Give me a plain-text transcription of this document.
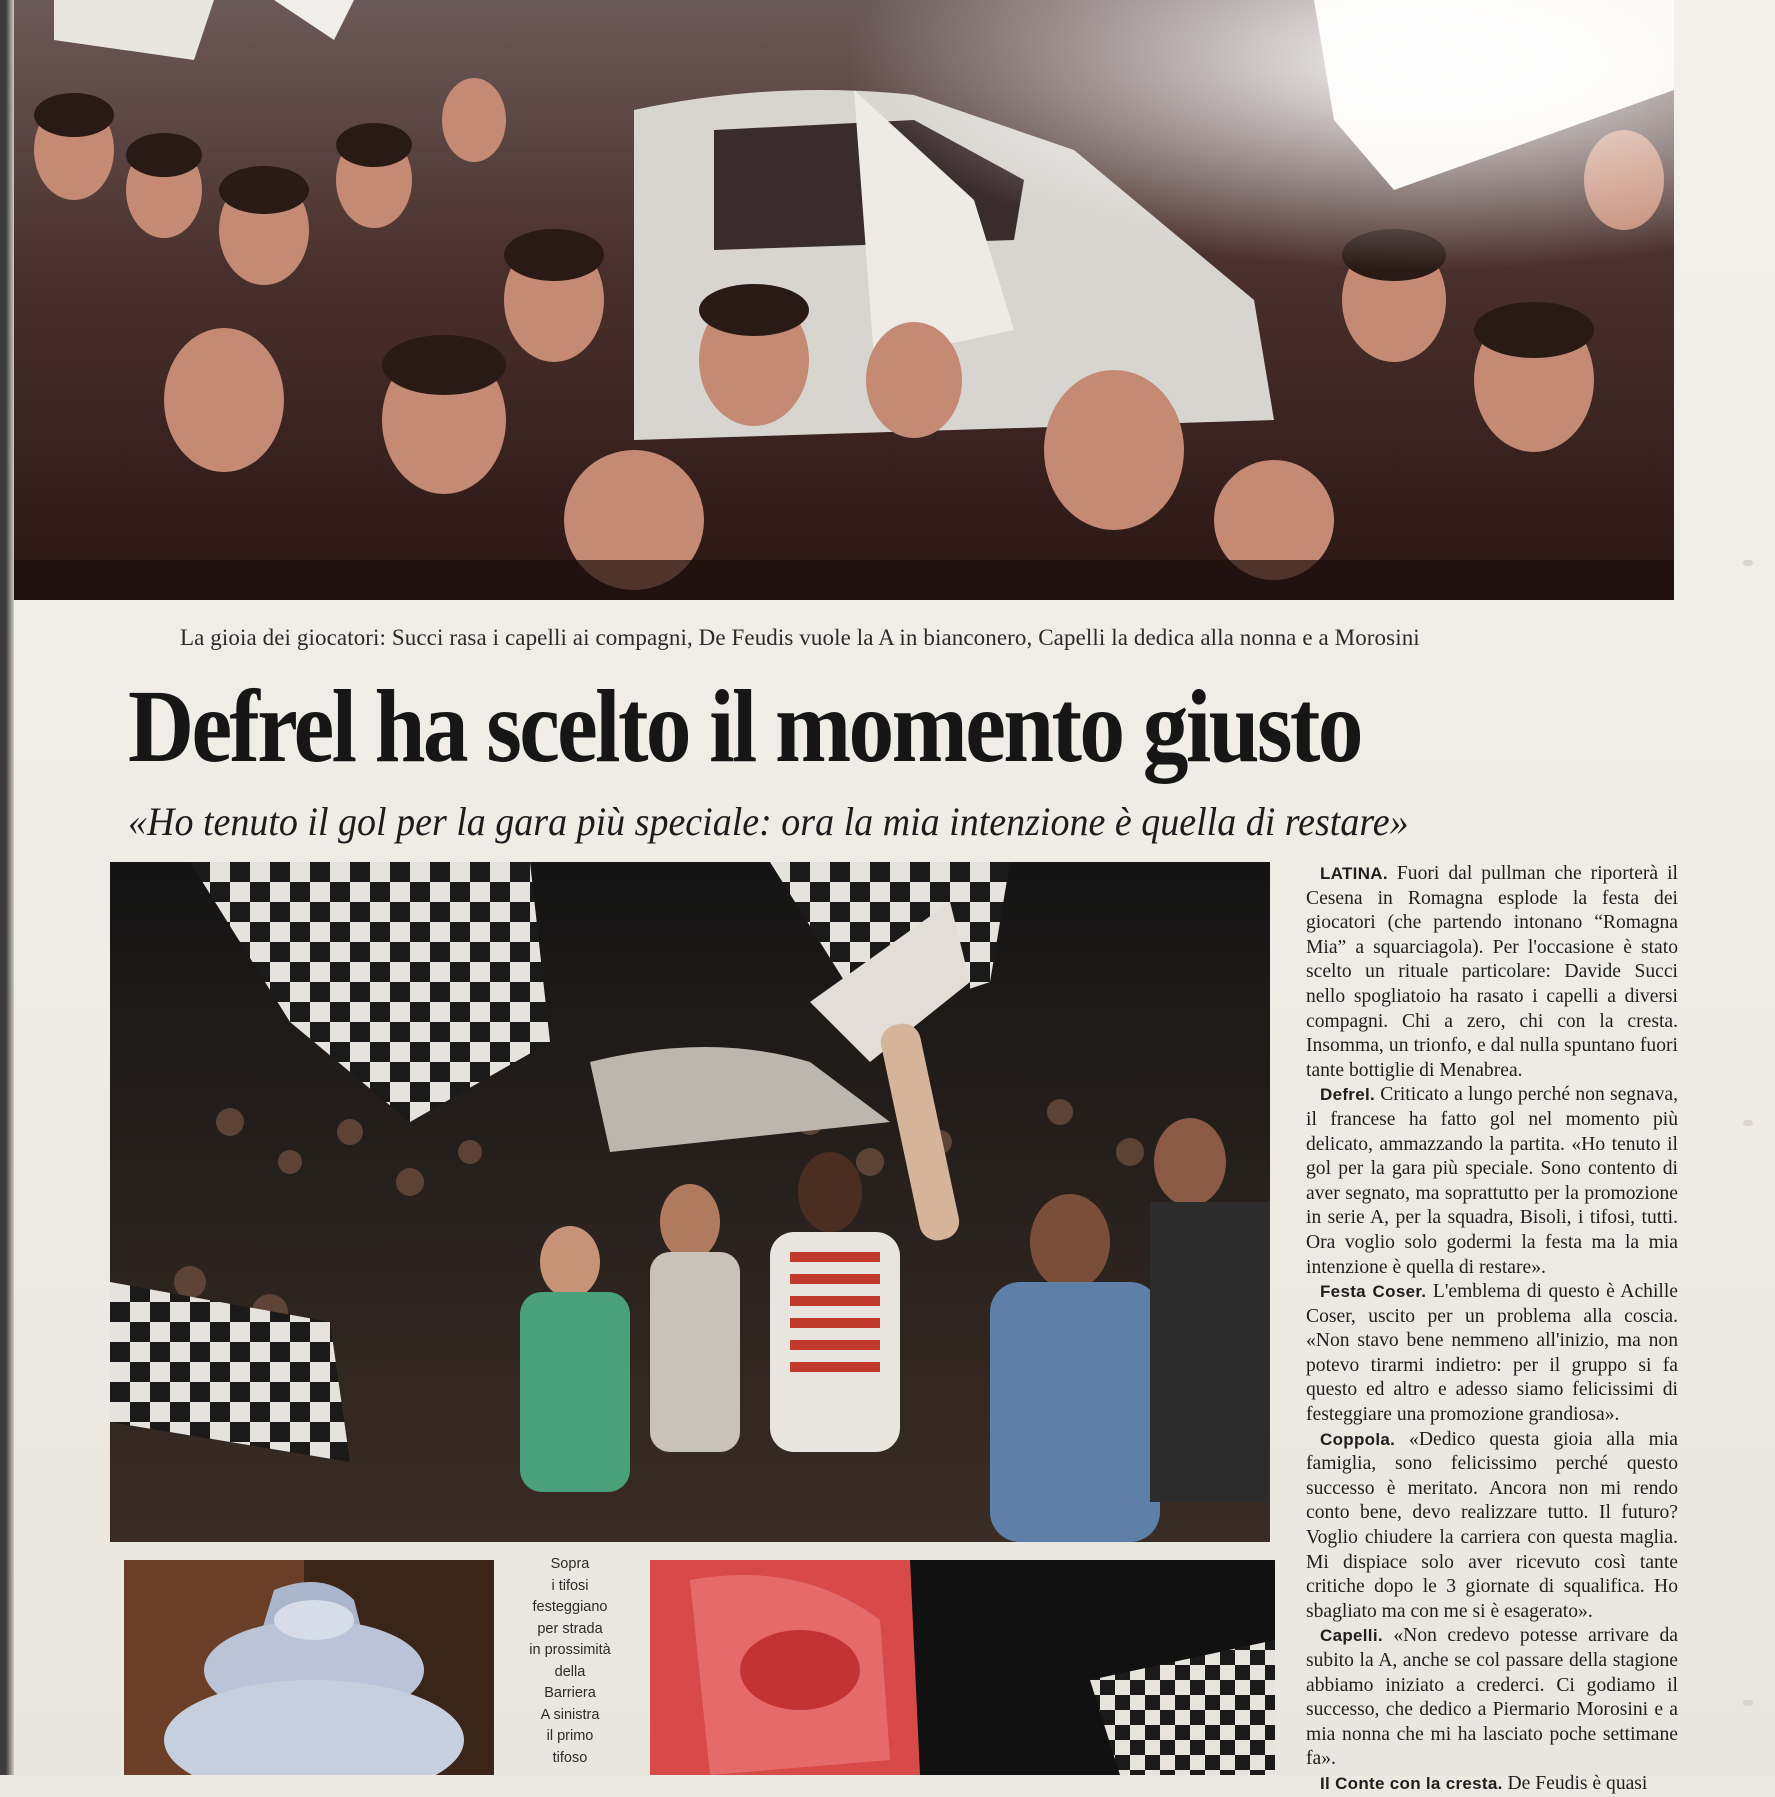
La gioia dei giocatori: Succi rasa i capelli ai compagni, De Feudis vuole la A in bianconero, Capelli la dedica alla nonna e a Morosini
Defrel ha scelto il momento giusto
«Ho tenuto il gol per la gara più speciale: ora la mia intenzione è quella di restare»
Sopra
i tifosi
festeggiano
per strada
in prossimità
della
Barriera
A sinistra
il primo
tifoso

LATINA. Fuori dal pullman che riporterà il Cesena in Romagna esplode la festa dei giocatori (che partendo intonano “Romagna Mia” a squarciagola). Per l'occasione è stato scelto un rituale particolare: Davide Succi nello spogliatoio ha rasato i capelli a diversi compagni. Chi a zero, chi con la cresta. Insomma, un trionfo, e dal nulla spuntano fuori tante bottiglie di Menabrea.

Defrel. Criticato a lungo perché non segnava, il francese ha fatto gol nel momento più delicato, ammazzando la partita. «Ho tenuto il gol per la gara più speciale. Sono contento di aver segnato, ma soprattutto per la promozione in serie A, per la squadra, Bisoli, i tifosi, tutti. Ora voglio solo godermi la festa ma la mia intenzione è quella di restare».

Festa Coser. L'emblema di questo è Achille Coser, uscito per un problema alla coscia. «Non stavo bene nemmeno all'inizio, ma non potevo tirarmi indietro: per il gruppo si fa questo ed altro e adesso siamo felicissimi di festeggiare una promozione grandiosa».

Coppola. «Dedico questa gioia alla mia famiglia, sono felicissimo perché questo successo è meritato. Ancora non mi rendo conto bene, devo realizzare tutto. Il futuro? Voglio chiudere la carriera con questa maglia. Mi dispiace solo aver ricevuto così tante critiche dopo le 3 giornate di squalifica. Ho sbagliato ma con me si è esagerato».

Capelli. «Non credevo potesse arrivare da subito la A, anche se col passare della stagione abbiamo iniziato a crederci. Ci godiamo il successo, che dedico a Piermario Morosini e a mia nonna che mi ha lasciato poche settimane fa».

Il Conte con la cresta. De Feudis è quasi
